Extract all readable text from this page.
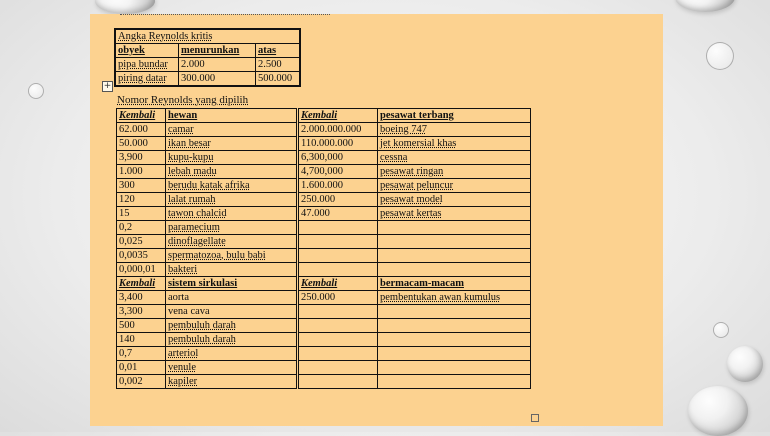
Angka Reynolds kritis		
obyek	menurunkan	atas
pipa bundar	2.000	2.500
piring datar	300.000	500.000
+
Nomor Reynolds yang dipilih
Kembali	hewan	Kembali	pesawat terbang
62.000	camar	2.000.000.000	boeing 747
50.000	ikan besar	110.000.000	jet komersial khas
3,900	kupu-kupu	6,300,000	cessna
1.000	lebah madu	4,700,000	pesawat ringan
300	berudu katak afrika	1.600.000	pesawat peluncur
120	lalat rumah	250.000	pesawat model
15	tawon chalcid	47.000	pesawat kertas
0,2	paramecium		
0,025	dinoflagellate		
0,0035	spermatozoa, bulu babi		
0,000,01	bakteri		
Kembali	sistem sirkulasi	Kembali	bermacam-macam
3,400	aorta	250.000	pembentukan awan kumulus
3,300	vena cava		
500	pembuluh darah		
140	pembuluh darah		
0,7	arteriol		
0,01	venule		
0,002	kapiler		
